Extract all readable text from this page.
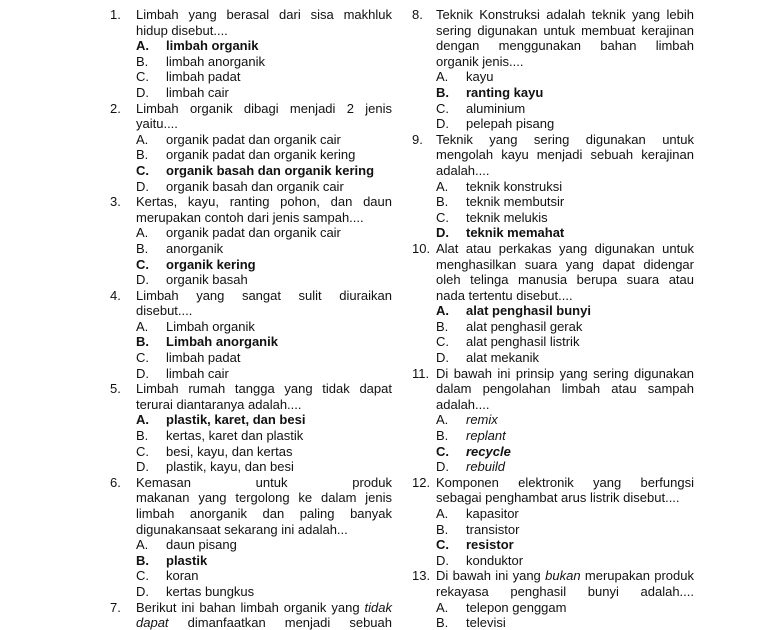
1. Limbah yang berasal dari sisa makhluk
hidup disebut....
A. limbah organik
B. limbah anorganik
C. limbah padat
D. limbah cair
2. Limbah organik dibagi menjadi 2 jenis
yaitu....
A. organik padat dan organik cair
B. organik padat dan organik kering
C. organik basah dan organik kering
D. organik basah dan organik cair
3. Kertas, kayu, ranting pohon, dan daun
merupakan contoh dari jenis sampah....
A. organik padat dan organik cair
B. anorganik
C. organik kering
D. organik basah
4. Limbah yang sangat sulit diuraikan
disebut....
A. Limbah organik
B. Limbah anorganik
C. limbah padat
D. limbah cair
5. Limbah rumah tangga yang tidak dapat
terurai diantaranya adalah....
A. plastik, karet, dan besi
B. kertas, karet dan plastik
C. besi, kayu, dan kertas
D. plastik, kayu, dan besi
6. Kemasan untuk produk
makanan yang tergolong ke dalam jenis
limbah anorganik dan paling banyak
digunakansaat sekarang ini adalah...
A. daun pisang
B. plastik
C. koran
D. kertas bungkus
7. Berikut ini bahan limbah organik yang tidak
dapat dimanfaatkan menjadi sebuah
8. Teknik Konstruksi adalah teknik yang lebih
sering digunakan untuk membuat kerajinan
dengan menggunakan bahan limbah
organik jenis....
A. kayu
B. ranting kayu
C. aluminium
D. pelepah pisang
9. Teknik yang sering digunakan untuk
mengolah kayu menjadi sebuah kerajinan
adalah....
A. teknik konstruksi
B. teknik membutsir
C. teknik melukis
D. teknik memahat
10. Alat atau perkakas yang digunakan untuk
menghasilkan suara yang dapat didengar
oleh telinga manusia berupa suara atau
nada tertentu disebut....
A. alat penghasil bunyi
B. alat penghasil gerak
C. alat penghasil listrik
D. alat mekanik
11. Di bawah ini prinsip yang sering digunakan
dalam pengolahan limbah atau sampah
adalah....
A. remix
B. replant
C. recycle
D. rebuild
12. Komponen elektronik yang berfungsi
sebagai penghambat arus listrik disebut....
A. kapasitor
B. transistor
C. resistor
D. konduktor
13. Di bawah ini yang bukan merupakan produk
rekayasa penghasil bunyi adalah....
A. telepon genggam
B. televisi
